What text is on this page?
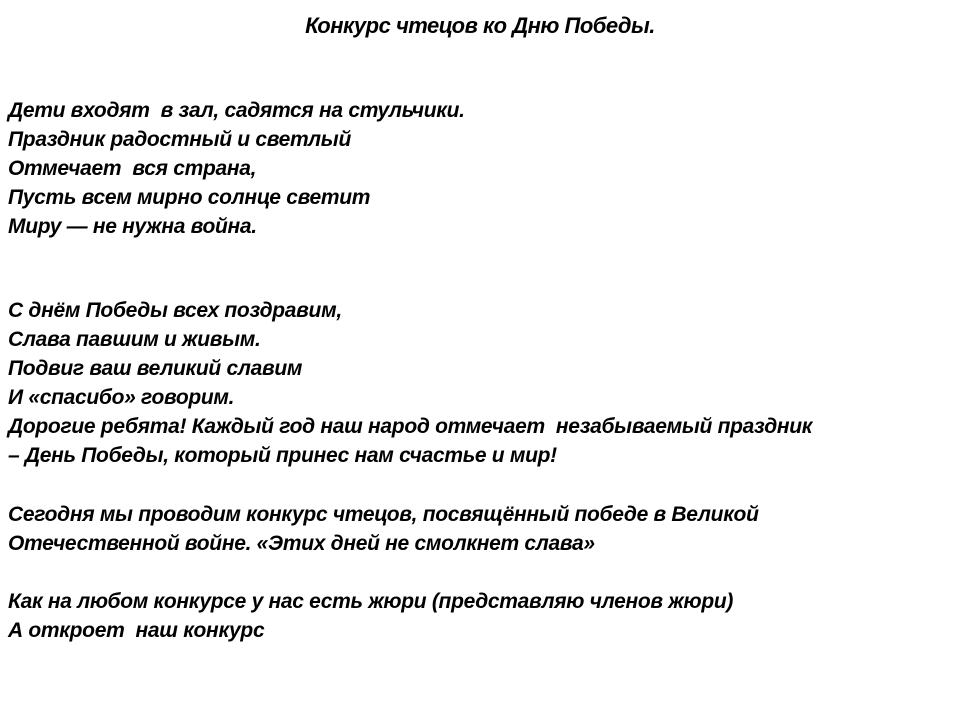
Конкурс чтецов ко Дню Победы.
Дети входят  в зал, садятся на стульчики.
Праздник радостный и светлый
Отмечает  вся страна,
Пусть всем мирно солнце светит
Миру — не нужна война.
С днём Победы всех поздравим,
Слава павшим и живым.
Подвиг ваш великий славим
И «спасибо» говорим.
Дорогие ребята! Каждый год наш народ отмечает  незабываемый праздник
– День Победы, который принес нам счастье и мир!
Сегодня мы проводим конкурс чтецов, посвящённый победе в Великой
Отечественной войне. «Этих дней не смолкнет слава»
Как на любом конкурсе у нас есть жюри (представляю членов жюри)
А откроет  наш конкурс
